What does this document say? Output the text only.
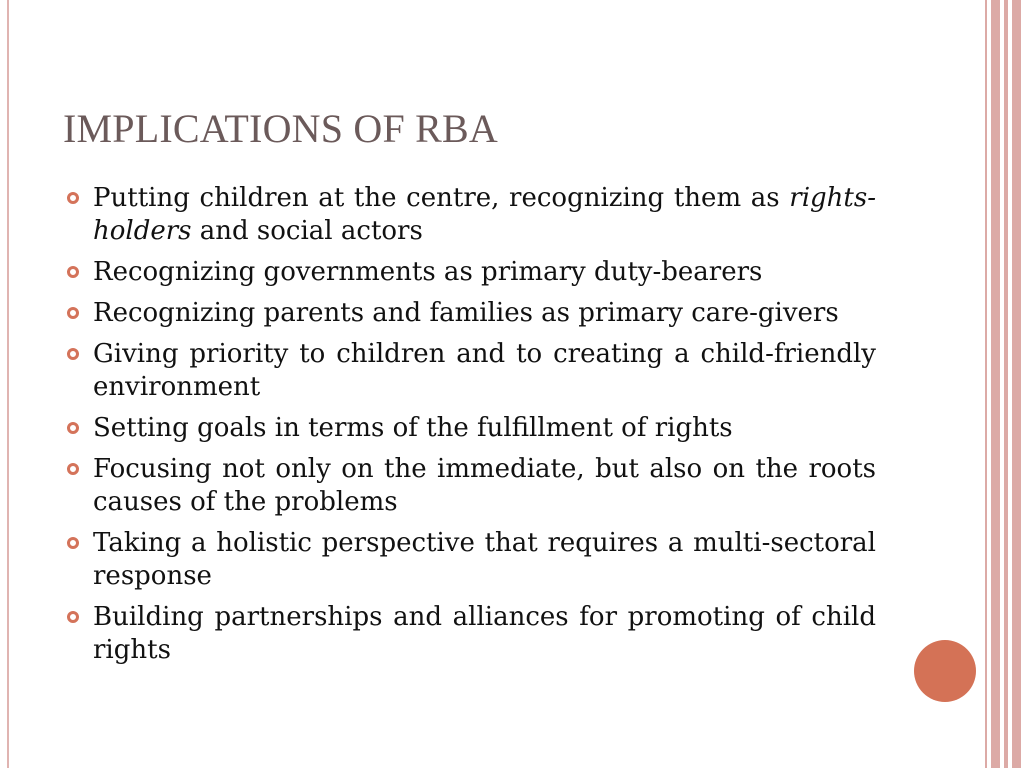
IMPLICATIONS OF RBA
Putting children at the centre, recognizing them as rights-holders and social actors
Recognizing governments as primary duty-bearers
Recognizing parents and families as primary care-givers
Giving priority to children and to creating a child-friendly environment
Setting goals in terms of the fulfillment of rights
Focusing not only on the immediate, but also on the roots causes of the problems
Taking a holistic perspective that requires a multi-sectoral response
Building partnerships and alliances for promoting of child rights
